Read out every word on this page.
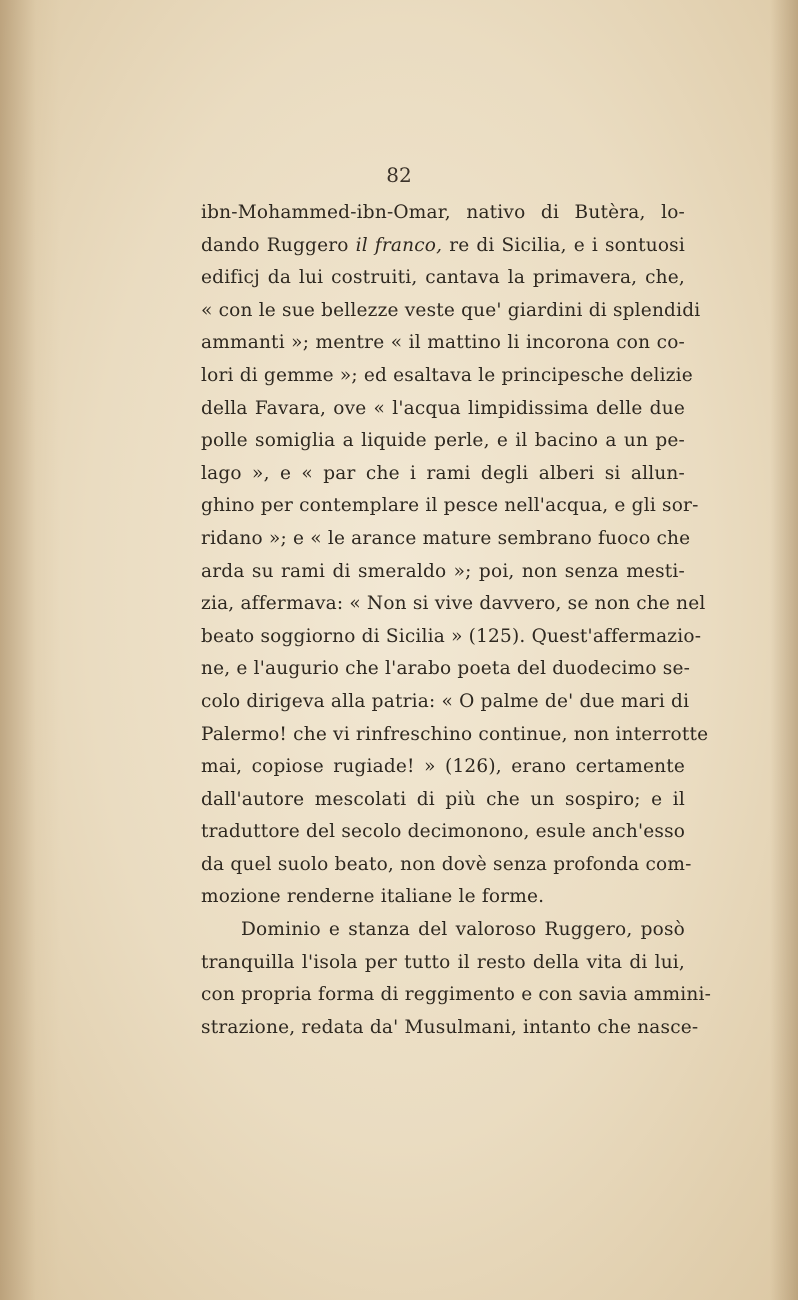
82
ibn-Mohammed-ibn-Omar, nativo di Butèra, lo-
dando Ruggero il franco, re di Sicilia, e i sontuosi
edificj da lui costruiti, cantava la primavera, che,
« con le sue bellezze veste que' giardini di splendidi
ammanti »; mentre « il mattino li incorona con co-
lori di gemme »; ed esaltava le principesche delizie
della Favara, ove « l'acqua limpidissima delle due
polle somiglia a liquide perle, e il bacino a un pe-
lago », e « par che i rami degli alberi si allun-
ghino per contemplare il pesce nell'acqua, e gli sor-
ridano »; e « le arance mature sembrano fuoco che
arda su rami di smeraldo »; poi, non senza mesti-
zia, affermava: « Non si vive davvero, se non che nel
beato soggiorno di Sicilia » (125). Quest'affermazio-
ne, e l'augurio che l'arabo poeta del duodecimo se-
colo dirigeva alla patria: « O palme de' due mari di
Palermo! che vi rinfreschino continue, non interrotte
mai, copiose rugiade! » (126), erano certamente
dall'autore mescolati di più che un sospiro; e il
traduttore del secolo decimonono, esule anch'esso
da quel suolo beato, non dovè senza profonda com-
mozione renderne italiane le forme.
Dominio e stanza del valoroso Ruggero, posò
tranquilla l'isola per tutto il resto della vita di lui,
con propria forma di reggimento e con savia ammini-
strazione, redata da' Musulmani, intanto che nasce-
